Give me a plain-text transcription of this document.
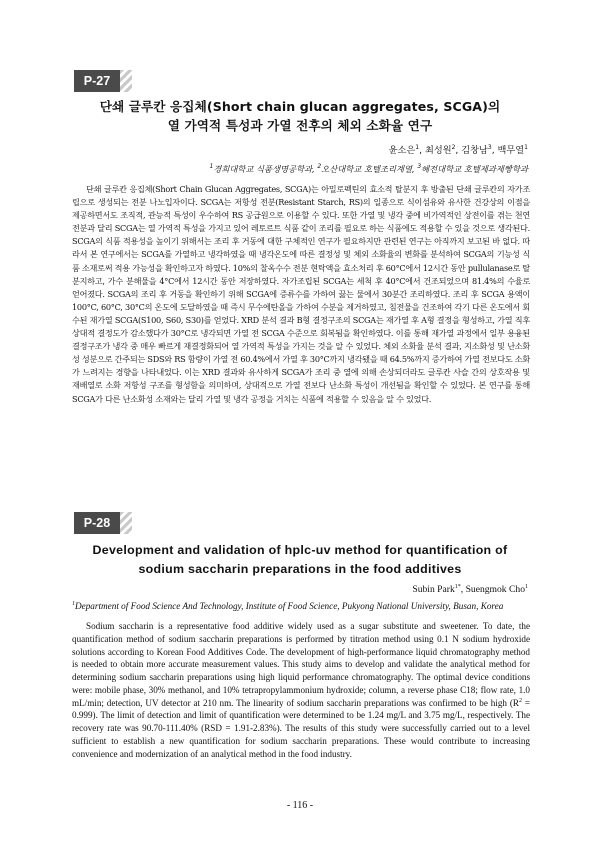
P-27
단쇄 글루칸 응집체(Short chain glucan aggregates, SCGA)의
열 가역적 특성과 가열 전후의 체외 소화율 연구
윤소은$^1$, 최성원$^2$, 김창남$^3$, 백무열$^1$
$^1$경희대학교 식품생명공학과, $^2$오산대학교 호텔조리계열, $^3$혜전대학교 호텔제과제빵학과
단쇄 글루칸 응집체(Short Chain Glucan Aggregates, SCGA)는 아밀로펙틴의 효소적 탈분지 후 방출된 단쇄 글루칸의 자가조립으로 생성되는 전분 나노입자이다. SCGA는 저항성 전분(Resistant Starch, RS)의 일종으로 식이섬유와 유사한 건강상의 이점을 제공하면서도 조직적, 관능적 특성이 우수하여 RS 공급원으로 이용할 수 있다. 또한 가열 및 냉각 중에 비가역적인 상전이를 겪는 천연 전분과 달리 SCGA는 열 가역적 특성을 가지고 있어 레토르트 식품 같이 조리를 필요로 하는 식품에도 적용할 수 있을 것으로 생각된다. SCGA의 식품 적용성을 높이기 위해서는 조리 후 거동에 대한 구체적인 연구가 필요하지만 관련된 연구는 아직까지 보고된 바 없다. 따라서 본 연구에서는 SCGA를 가열하고 냉각하였을 때 냉각온도에 따른 결정성 및 체외 소화율의 변화를 분석하여 SCGA의 기능성 식품 소재로써 적용 가능성을 확인하고자 하였다. 10%의 찰옥수수 전분 현탁액을 효소처리 후 60°C에서 12시간 동안 pullulanase로 탈분지하고, 가수 분해물을 4°C에서 12시간 동안 저장하였다. 자가조립된 SCGA는 세척 후 40°C에서 건조되었으며 81.4%의 수율로 얻어졌다. SCGA의 조리 후 거동을 확인하기 위해 SCGA에 증류수를 가하여 끓는 물에서 30분간 조리하였다. 조리 후 SCGA 용액이 100°C, 60°C, 30°C의 온도에 도달하였을 때 즉시 무수에탄올을 가하여 수분을 제거하였고, 침전물을 건조하여 각기 다른 온도에서 회수된 재가열 SCGA(S100, S60, S30)를 얻었다. XRD 분석 결과 B형 결정구조의 SCGA는 재가열 후 A형 결정을 형성하고, 가열 직후 상대적 결정도가 감소했다가 30°C로 냉각되면 가열 전 SCGA 수준으로 회복됨을 확인하였다. 이를 통해 재가열 과정에서 일부 용융된 결정구조가 냉각 중 매우 빠르게 재결정화되어 열 가역적 특성을 가지는 것을 알 수 있었다. 체외 소화율 분석 결과, 지소화성 및 난소화성 성분으로 간주되는 SDS와 RS 함량이 가열 전 60.4%에서 가열 후 30°C까지 냉각됐을 때 64.5%까지 증가하여 가열 전보다도 소화가 느려지는 경향을 나타내었다. 이는 XRD 결과와 유사하게 SCGA가 조리 중 열에 의해 손상되더라도 글루칸 사슬 간의 상호작용 및 재배열로 소화 저항성 구조를 형성함을 의미하며, 상대적으로 가열 전보다 난소화 특성이 개선됨을 확인할 수 있었다. 본 연구를 통해 SCGA가 다른 난소화성 소재와는 달리 가열 및 냉각 공정을 거치는 식품에 적용할 수 있음을 알 수 있었다.
P-28
Development and validation of hplc-uv method for quantification of
sodium saccharin preparations in the food additives
Subin Park$^{1*}$, Suengmok Cho$^1$
$^1$Department of Food Science And Technology, Institute of Food Science, Pukyong National University, Busan, Korea
Sodium saccharin is a representative food additive widely used as a sugar substitute and sweetener. To date, the quantification method of sodium saccharin preparations is performed by titration method using 0.1 N sodium hydroxide solutions according to Korean Food Additives Code. The development of high-performance liquid chromatography method is needed to obtain more accurate measurement values. This study aims to develop and validate the analytical method for determining sodium saccharin preparations using high liquid performance chromatography. The optimal device conditions were: mobile phase, 30% methanol, and 10% tetrapropylammonium hydroxide; column, a reverse phase C18; flow rate, 1.0 mL/min; detection, UV detector at 210 nm. The linearity of sodium saccharin preparations was confirmed to be high $(R^2 = 0.999)$. The limit of detection and limit of quantification were determined to be 1.24 mg/L and 3.75 mg/L, respectively. The recovery rate was 90.70-111.40% (RSD = 1.91-2.83%). The results of this study were successfully carried out to a level sufficient to establish a new quantification for sodium saccharin preparations. These would contribute to increasing convenience and modernization of an analytical method in the food industry.
- 116 -
